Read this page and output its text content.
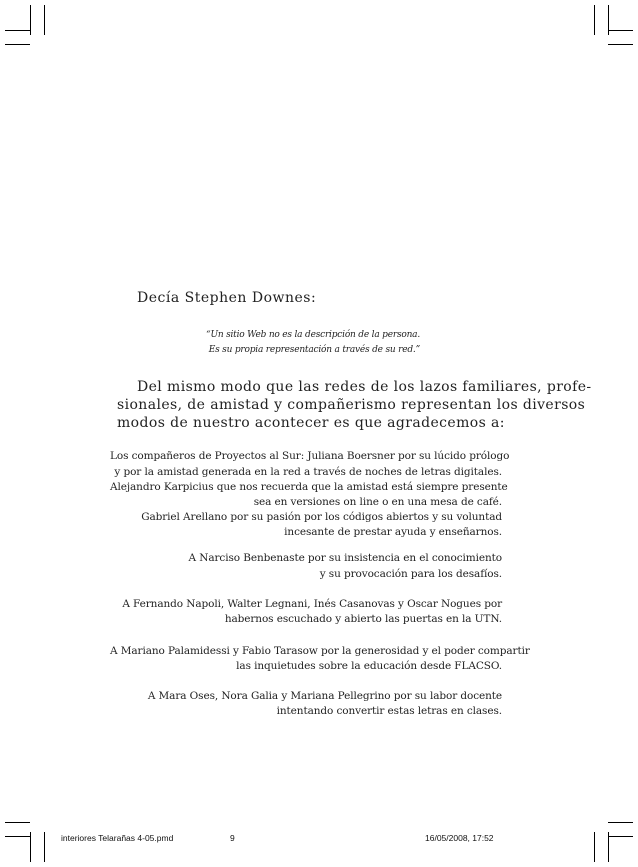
Decía Stephen Downes:
“Un sitio Web no es la descripción de la persona.
Es su propia representación a través de su red.”
Del mismo modo que las redes de los lazos familiares, profe-
sionales, de amistad y compañerismo representan los diversos
modos de nuestro acontecer es que agradecemos a:
Los compañeros de Proyectos al Sur: Juliana Boersner por su lúcido prólogo
y por la amistad generada en la red a través de noches de letras digitales.
Alejandro Karpicius que nos recuerda que la amistad está siempre presente
sea en versiones on line o en una mesa de café.
Gabriel Arellano por su pasión por los códigos abiertos y su voluntad
incesante de prestar ayuda y enseñarnos.
A Narciso Benbenaste por su insistencia en el conocimiento
y su provocación para los desafíos.
A Fernando Napoli, Walter Legnani, Inés Casanovas y Oscar Nogues por
habernos escuchado y abierto las puertas en la UTN.
A Mariano Palamidessi y Fabio Tarasow por la generosidad y el poder compartir
las inquietudes sobre la educación desde FLACSO.
A Mara Oses, Nora Galia y Mariana Pellegrino por su labor docente
intentando convertir estas letras en clases.
interiores Telarañas 4-05.pmd	9	16/05/2008, 17:52
